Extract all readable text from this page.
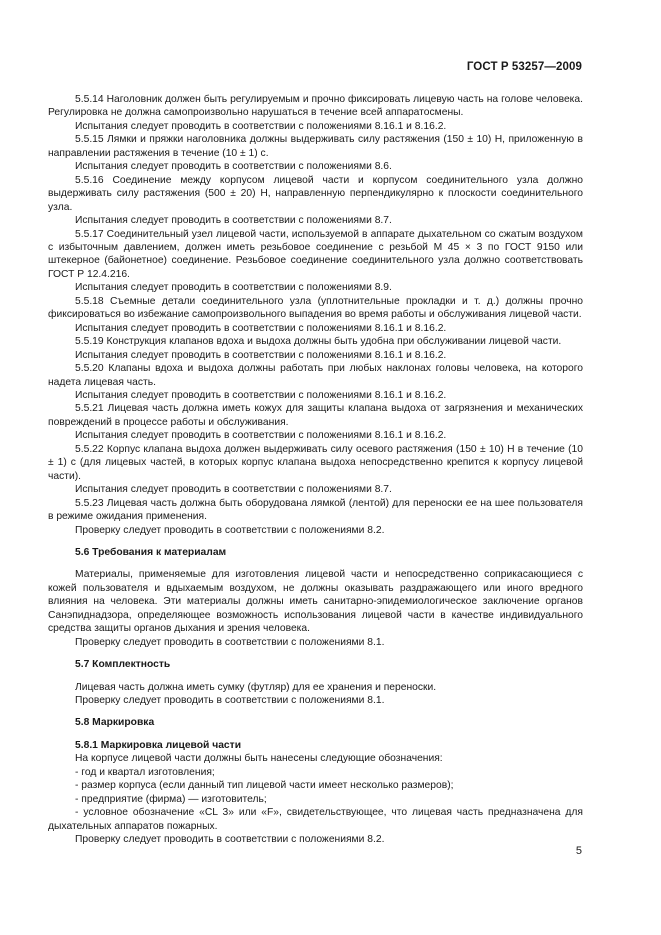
ГОСТ Р 53257—2009

5.5.14 Наголовник должен быть регулируемым и прочно фиксировать лицевую часть на голове человека. Регулировка не должна самопроизвольно нарушаться в течение всей аппаратосмены.

Испытания следует проводить в соответствии с положениями 8.16.1 и 8.16.2.

5.5.15 Лямки и пряжки наголовника должны выдерживать силу растяжения (150 ± 10) Н, приложенную в направлении растяжения в течение (10 ± 1) с.

Испытания следует проводить в соответствии с положениями 8.6.

5.5.16 Соединение между корпусом лицевой части и корпусом соединительного узла должно выдерживать силу растяжения (500 ± 20) Н, направленную перпендикулярно к плоскости соединительного узла.

Испытания следует проводить в соответствии с положениями 8.7.

5.5.17 Соединительный узел лицевой части, используемой в аппарате дыхательном со сжатым воздухом с избыточным давлением, должен иметь резьбовое соединение с резьбой М 45 × 3 по ГОСТ 9150 или штекерное (байонетное) соединение. Резьбовое соединение соединительного узла должно соответствовать ГОСТ Р 12.4.216.

Испытания следует проводить в соответствии с положениями 8.9.

5.5.18 Съемные детали соединительного узла (уплотнительные прокладки и т. д.) должны прочно фиксироваться во избежание самопроизвольного выпадения во время работы и обслуживания лицевой части.

Испытания следует проводить в соответствии с положениями 8.16.1 и 8.16.2.

5.5.19 Конструкция клапанов вдоха и выдоха должны быть удобна при обслуживании лицевой части.

Испытания следует проводить в соответствии с положениями 8.16.1 и 8.16.2.

5.5.20 Клапаны вдоха и выдоха должны работать при любых наклонах головы человека, на которого надета лицевая часть.

Испытания следует проводить в соответствии с положениями 8.16.1 и 8.16.2.

5.5.21 Лицевая часть должна иметь кожух для защиты клапана выдоха от загрязнения и механических повреждений в процессе работы и обслуживания.

Испытания следует проводить в соответствии с положениями 8.16.1 и 8.16.2.

5.5.22 Корпус клапана выдоха должен выдерживать силу осевого растяжения (150 ± 10) Н в течение (10 ± 1) с (для лицевых частей, в которых корпус клапана выдоха непосредственно крепится к корпусу лицевой части).

Испытания следует проводить в соответствии с положениями 8.7.

5.5.23 Лицевая часть должна быть оборудована лямкой (лентой) для переноски ее на шее пользователя в режиме ожидания применения.

Проверку следует проводить в соответствии с положениями 8.2.

5.6 Требования к материалам

Материалы, применяемые для изготовления лицевой части и непосредственно соприкасающиеся с кожей пользователя и вдыхаемым воздухом, не должны оказывать раздражающего или иного вредного влияния на человека. Эти материалы должны иметь санитарно-эпидемиологическое заключение органов Санэпиднадзора, определяющее возможность использования лицевой части в качестве индивидуального средства защиты органов дыхания и зрения человека.

Проверку следует проводить в соответствии с положениями 8.1.

5.7 Комплектность

Лицевая часть должна иметь сумку (футляр) для ее хранения и переноски.

Проверку следует проводить в соответствии с положениями 8.1.

5.8 Маркировка

5.8.1 Маркировка лицевой части

На корпусе лицевой части должны быть нанесены следующие обозначения:

- год и квартал изготовления;

- размер корпуса (если данный тип лицевой части имеет несколько размеров);

- предприятие (фирма) — изготовитель;

- условное обозначение «CL 3» или «F», свидетельствующее, что лицевая часть предназначена для дыхательных аппаратов пожарных.

Проверку следует проводить в соответствии с положениями 8.2.

5
